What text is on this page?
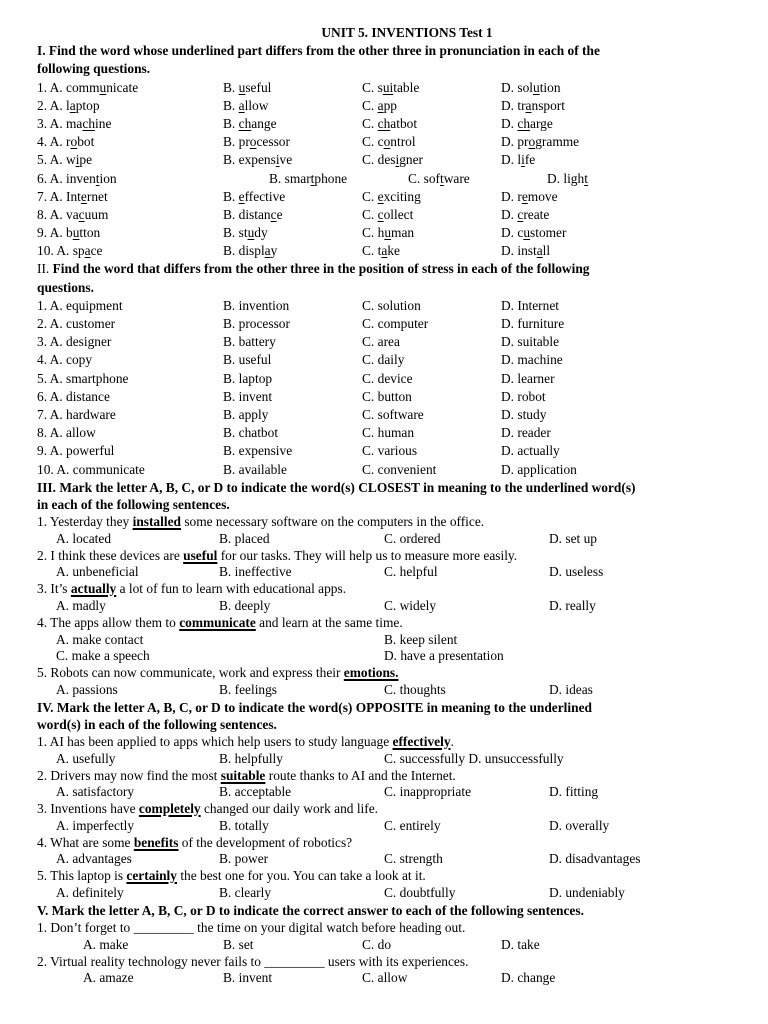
UNIT 5. INVENTIONS Test 1
I. Find the word whose underlined part differs from the other three in pronunciation in each of the
following questions.
1. A. communicate	B. useful	C. suitable	D. solution
2. A. laptop	B. allow	C. app	D. transport
3. A. machine	B. change	C. chatbot	D. charge
4. A. robot	B. processor	C. control	D. programme
5. A. wipe	B. expensive	C. designer	D. life
6. A. invention	B. smartphone	C. software	D. light
7. A. Internet	B. effective	C. exciting	D. remove
8. A. vacuum	B. distance	C. collect	D. create
9. A. button	B. study	C. human	D. customer
10. A. space	B. display	C. take	D. install
II. Find the word that differs from the other three in the position of stress in each of the following
questions.
1. A. equipment	B. invention	C. solution	D. Internet
2. A. customer	B. processor	C. computer	D. furniture
3. A. designer	B. battery	C. area	D. suitable
4. A. copy	B. useful	C. daily	D. machine
5. A. smartphone	B. laptop	C. device	D. learner
6. A. distance	B. invent	C. button	D. robot
7. A. hardware	B. apply	C. software	D. study
8. A. allow	B. chatbot	C. human	D. reader
9. A. powerful	B. expensive	C. various	D. actually
10. A. communicate	B. available	C. convenient	D. application
III. Mark the letter A, B, C, or D to indicate the word(s) CLOSEST in meaning to the underlined word(s)
in each of the following sentences.
1. Yesterday they installed some necessary software on the computers in the office.
A. located	B. placed	C. ordered	D. set up
2. I think these devices are useful for our tasks. They will help us to measure more easily.
A. unbeneficial	B. ineffective	C. helpful	D. useless
3. It’s actually a lot of fun to learn with educational apps.
A. madly	B. deeply	C. widely	D. really
4. The apps allow them to communicate and learn at the same time.
A. make contact	B. keep silent
C. make a speech	D. have a presentation
5. Robots can now communicate, work and express their emotions.
A. passions	B. feelings	C. thoughts	D. ideas
IV. Mark the letter A, B, C, or D to indicate the word(s) OPPOSITE in meaning to the underlined
word(s) in each of the following sentences.
1. AI has been applied to apps which help users to study language effectively.
A. usefully	B. helpfully	C. successfully D. unsuccessfully
2. Drivers may now find the most suitable route thanks to AI and the Internet.
A. satisfactory	B. acceptable	C. inappropriate	D. fitting
3. Inventions have completely changed our daily work and life.
A. imperfectly	B. totally	C. entirely	D. overally
4. What are some benefits of the development of robotics?
A. advantages	B. power	C. strength	D. disadvantages
5. This laptop is certainly the best one for you. You can take a look at it.
A. definitely	B. clearly	C. doubtfully	D. undeniably
V. Mark the letter A, B, C, or D to indicate the correct answer to each of the following sentences.
1. Don’t forget to _________ the time on your digital watch before heading out.
A. make	B. set	C. do	D. take
2. Virtual reality technology never fails to _________ users with its experiences.
A. amaze	B. invent	C. allow	D. change
